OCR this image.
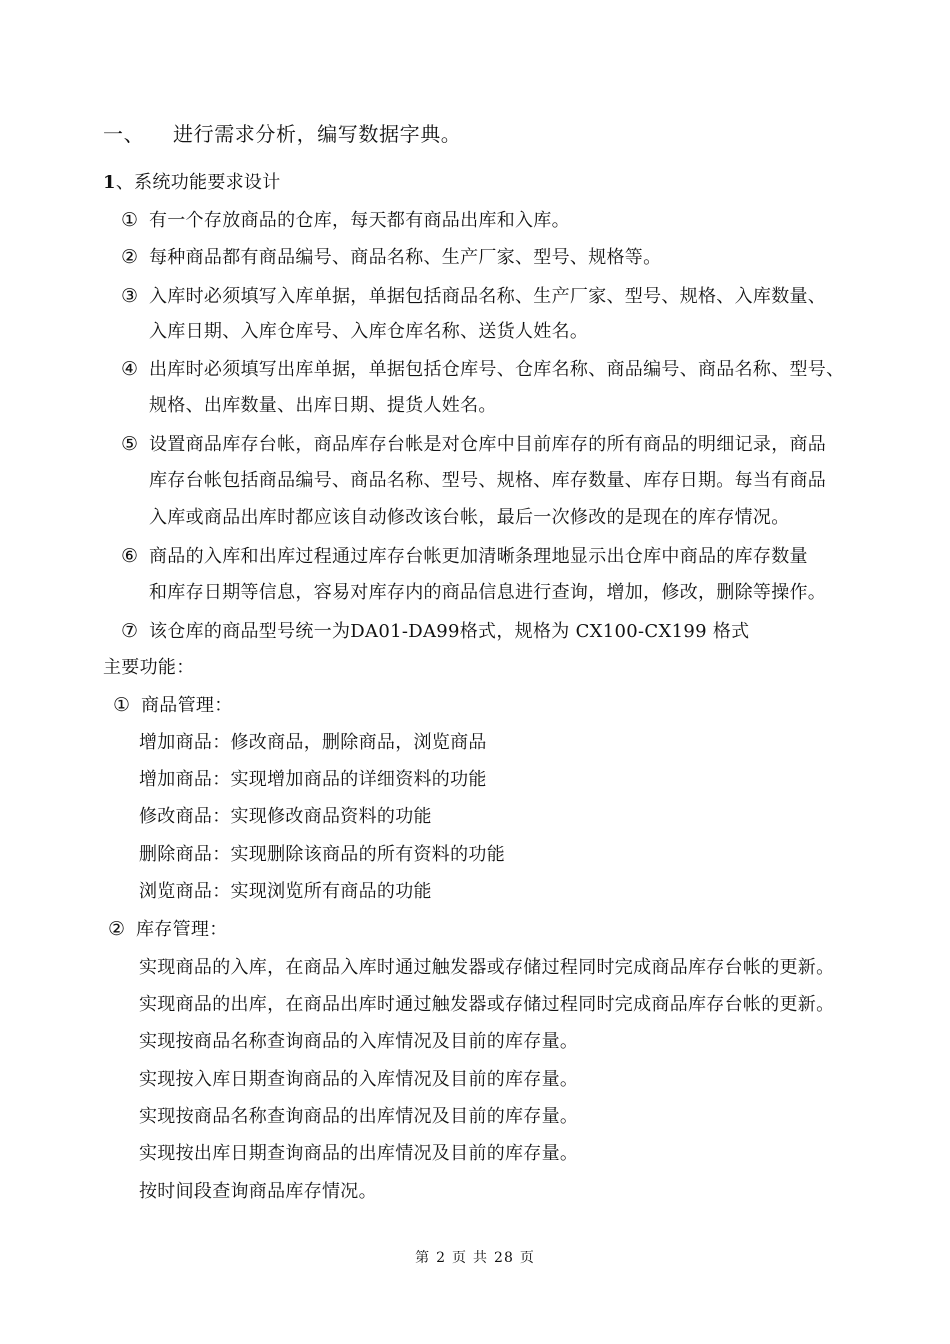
一、 进行需求分析，编写数据字典。
1、系统功能要求设计
① 有一个存放商品的仓库，每天都有商品出库和入库。
② 每种商品都有商品编号、商品名称、生产厂家、型号、规格等。
③ 入库时必须填写入库单据，单据包括商品名称、生产厂家、型号、规格、入库数量、
入库日期、入库仓库号、入库仓库名称、送货人姓名。
④ 出库时必须填写出库单据，单据包括仓库号、仓库名称、商品编号、商品名称、型号、
规格、出库数量、出库日期、提货人姓名。
⑤ 设置商品库存台帐，商品库存台帐是对仓库中目前库存的所有商品的明细记录，商品
库存台帐包括商品编号、商品名称、型号、规格、库存数量、库存日期。每当有商品
入库或商品出库时都应该自动修改该台帐，最后一次修改的是现在的库存情况。
⑥ 商品的入库和出库过程通过库存台帐更加清晰条理地显示出仓库中商品的库存数量
和库存日期等信息，容易对库存内的商品信息进行查询，增加，修改，删除等操作。
⑦ 该仓库的商品型号统一为DA01-DA99格式，规格为 CX100-CX199 格式
主要功能：
① 商品管理：
增加商品：修改商品，删除商品，浏览商品
增加商品：实现增加商品的详细资料的功能
修改商品：实现修改商品资料的功能
删除商品：实现删除该商品的所有资料的功能
浏览商品：实现浏览所有商品的功能
② 库存管理：
实现商品的入库，在商品入库时通过触发器或存储过程同时完成商品库存台帐的更新。
实现商品的出库，在商品出库时通过触发器或存储过程同时完成商品库存台帐的更新。
实现按商品名称查询商品的入库情况及目前的库存量。
实现按入库日期查询商品的入库情况及目前的库存量。
实现按商品名称查询商品的出库情况及目前的库存量。
实现按出库日期查询商品的出库情况及目前的库存量。
按时间段查询商品库存情况。
第 2 页 共 28 页
